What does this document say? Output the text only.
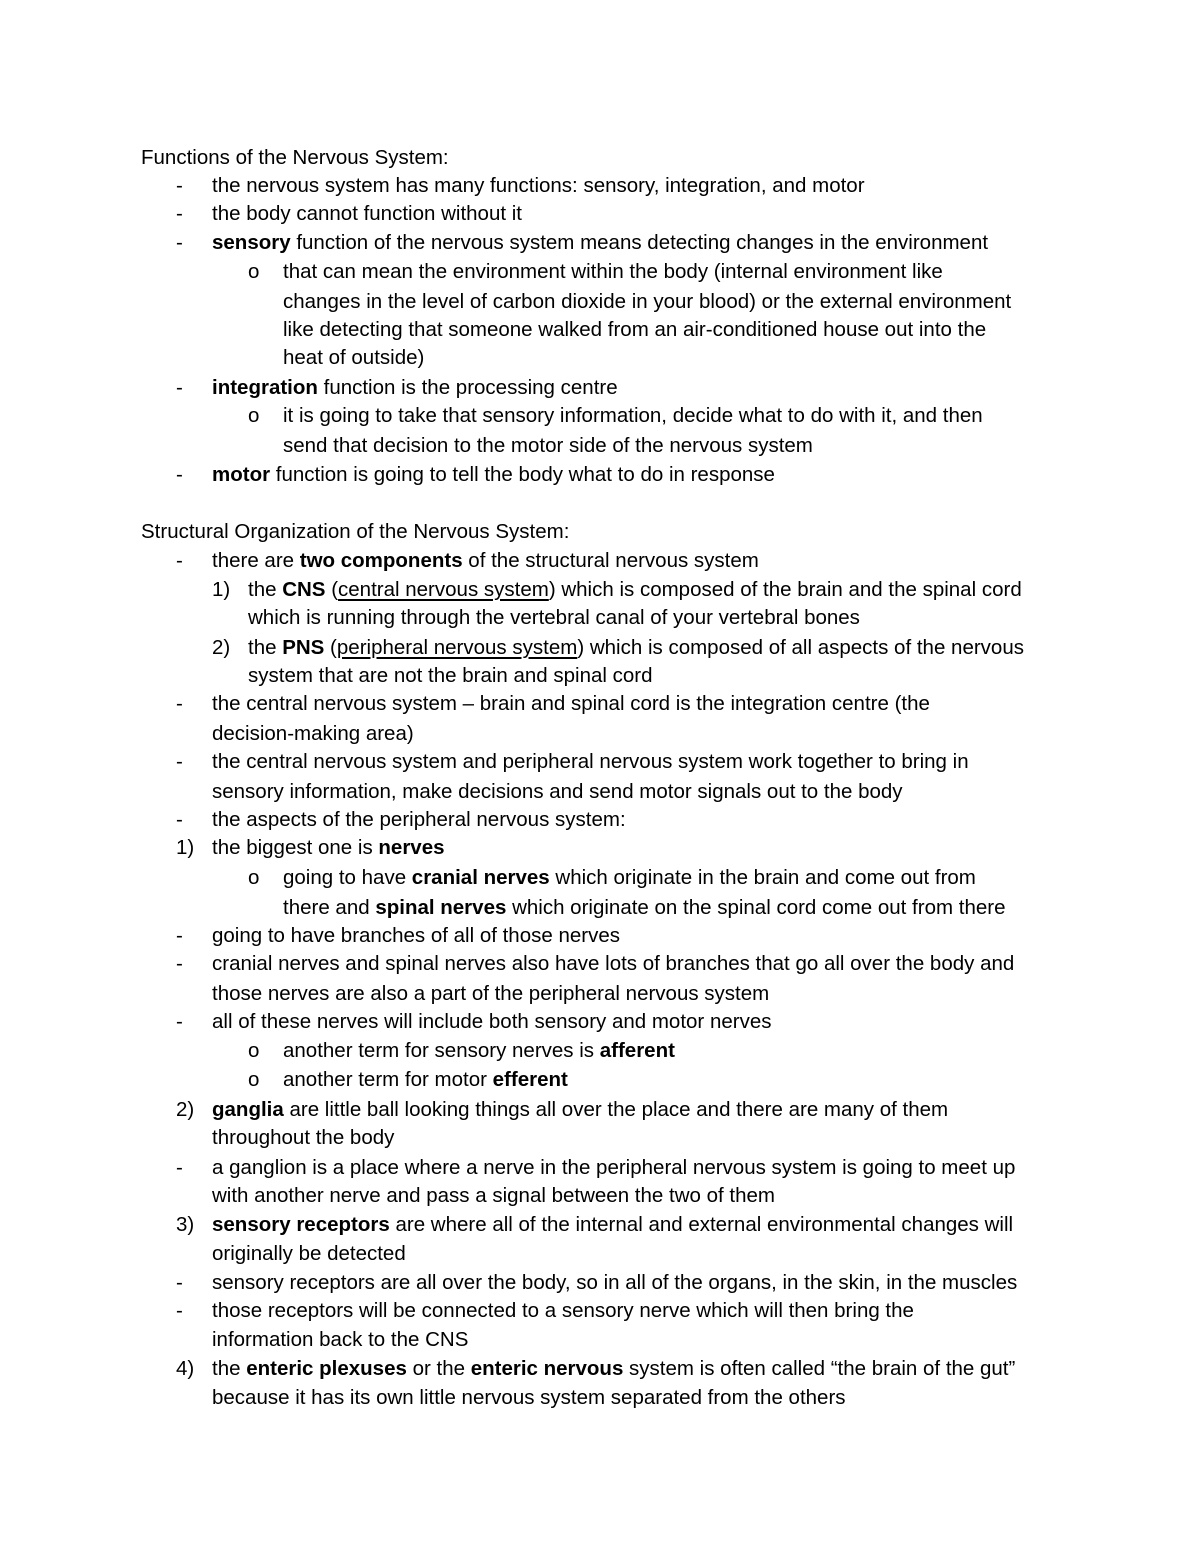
Functions of the Nervous System:
- the nervous system has many functions: sensory, integration, and motor
- the body cannot function without it
- sensory function of the nervous system means detecting changes in the environment
o that can mean the environment within the body (internal environment like
changes in the level of carbon dioxide in your blood) or the external environment
like detecting that someone walked from an air-conditioned house out into the
heat of outside)
- integration function is the processing centre
o it is going to take that sensory information, decide what to do with it, and then
send that decision to the motor side of the nervous system
- motor function is going to tell the body what to do in response
Structural Organization of the Nervous System:
- there are two components of the structural nervous system
1) the CNS (central nervous system) which is composed of the brain and the spinal cord
which is running through the vertebral canal of your vertebral bones
2) the PNS (peripheral nervous system) which is composed of all aspects of the nervous
system that are not the brain and spinal cord
- the central nervous system – brain and spinal cord is the integration centre (the
decision-making area)
- the central nervous system and peripheral nervous system work together to bring in
sensory information, make decisions and send motor signals out to the body
- the aspects of the peripheral nervous system:
1) the biggest one is nerves
o going to have cranial nerves which originate in the brain and come out from
there and spinal nerves which originate on the spinal cord come out from there
- going to have branches of all of those nerves
- cranial nerves and spinal nerves also have lots of branches that go all over the body and
those nerves are also a part of the peripheral nervous system
- all of these nerves will include both sensory and motor nerves
o another term for sensory nerves is afferent
o another term for motor efferent
2) ganglia are little ball looking things all over the place and there are many of them
throughout the body
- a ganglion is a place where a nerve in the peripheral nervous system is going to meet up
with another nerve and pass a signal between the two of them
3) sensory receptors are where all of the internal and external environmental changes will
originally be detected
- sensory receptors are all over the body, so in all of the organs, in the skin, in the muscles
- those receptors will be connected to a sensory nerve which will then bring the
information back to the CNS
4) the enteric plexuses or the enteric nervous system is often called “the brain of the gut”
because it has its own little nervous system separated from the others
